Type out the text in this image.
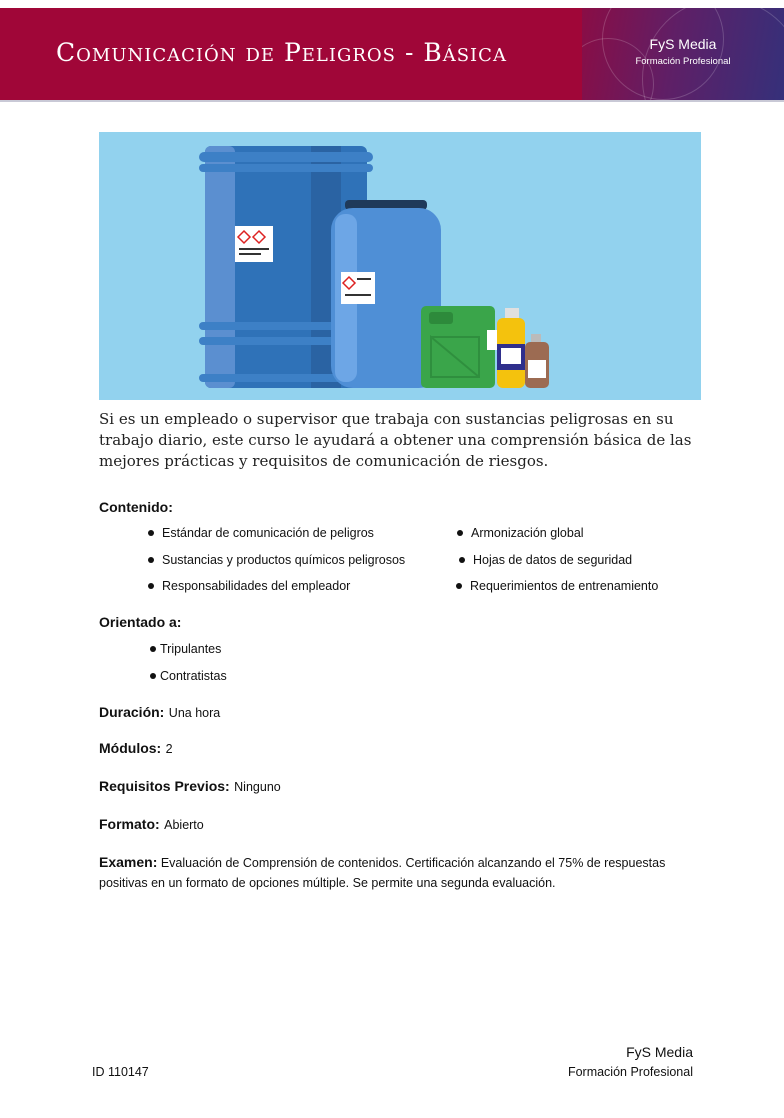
Comunicación de Peligros - Básica	FyS Media
Formación Profesional
Si es un empleado o supervisor que trabaja con sustancias peligrosas en su trabajo diario, este curso le ayudará a obtener una comprensión básica de las mejores prácticas y requisitos de comunicación de riesgos.
Contenido:
Estándar de comunicación de peligros
Sustancias y productos químicos peligrosos
Responsabilidades del empleador
Armonización global
Hojas de datos de seguridad
Requerimientos de entrenamiento
Orientado a:
Tripulantes
Contratistas
Duración: Una hora
Módulos: 2
Requisitos Previos: Ninguno
Formato: Abierto
Examen: Evaluación de Comprensión de contenidos. Certificación alcanzando el 75% de respuestas positivas en un formato de opciones múltiple. Se permite una segunda evaluación.
ID 110147
FyS Media
Formación Profesional
